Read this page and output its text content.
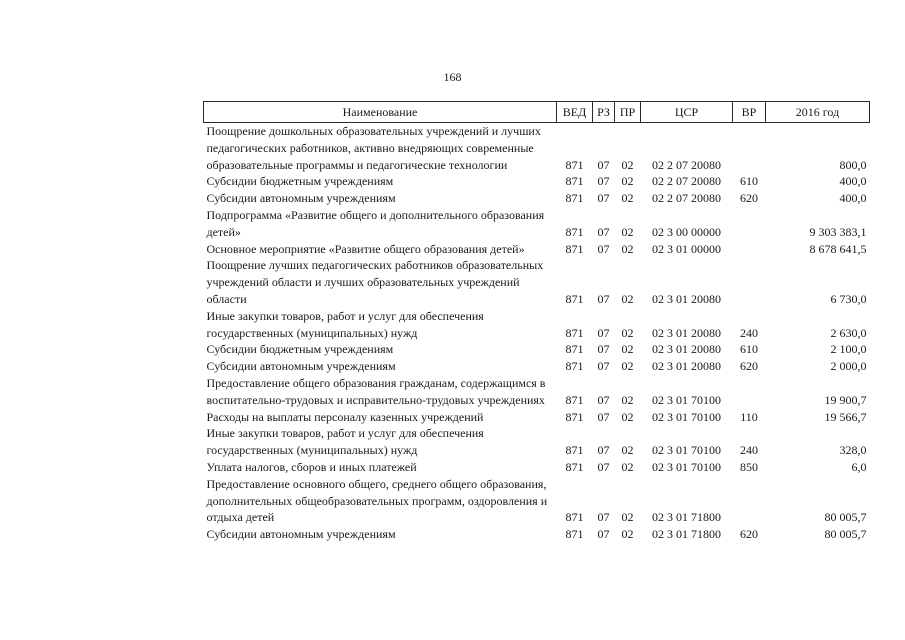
168
Наименование	ВЕД	РЗ	ПР	ЦСР	ВР	2016 год
Поощрение дошкольных образовательных учреждений и лучших педагогических работников, активно внедряющих современные образовательные программы и педагогические технологии	871	07	02	02 2 07 20080		800,0
Субсидии бюджетным учреждениям	871	07	02	02 2 07 20080	610	400,0
Субсидии автономным учреждениям	871	07	02	02 2 07 20080	620	400,0
Подпрограмма «Развитие общего и дополнительного образования детей»	871	07	02	02 3 00 00000		9 303 383,1
Основное мероприятие «Развитие общего образования детей»	871	07	02	02 3 01 00000		8 678 641,5
Поощрение лучших педагогических работников образовательных учреждений области и лучших образовательных учреждений области	871	07	02	02 3 01 20080		6 730,0
Иные закупки товаров, работ и услуг для обеспечения государственных (муниципальных) нужд	871	07	02	02 3 01 20080	240	2 630,0
Субсидии бюджетным учреждениям	871	07	02	02 3 01 20080	610	2 100,0
Субсидии автономным учреждениям	871	07	02	02 3 01 20080	620	2 000,0
Предоставление общего образования гражданам, содержащимся в воспитательно-трудовых и исправительно-трудовых учреждениях	871	07	02	02 3 01 70100		19 900,7
Расходы на выплаты персоналу казенных учреждений	871	07	02	02 3 01 70100	110	19 566,7
Иные закупки товаров, работ и услуг для обеспечения государственных (муниципальных) нужд	871	07	02	02 3 01 70100	240	328,0
Уплата налогов, сборов и иных платежей	871	07	02	02 3 01 70100	850	6,0
Предоставление основного общего, среднего общего образования, дополнительных общеобразовательных программ, оздоровления и отдыха детей	871	07	02	02 3 01 71800		80 005,7
Субсидии автономным учреждениям	871	07	02	02 3 01 71800	620	80 005,7
